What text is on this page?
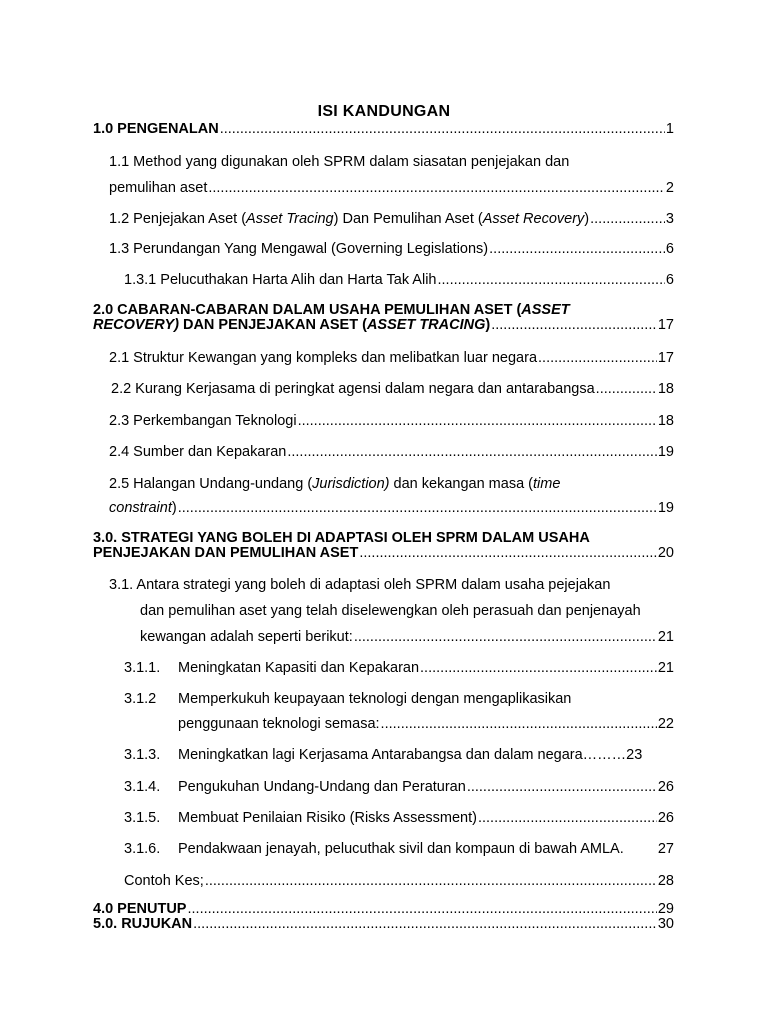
ISI KANDUNGAN
1.0 PENGENALAN .....	1
1.1 Method yang digunakan oleh SPRM dalam siasatan penjejakan dan
pemulihan aset .....	2
1.2 Penjejakan Aset (Asset Tracing) Dan Pemulihan Aset (Asset Recovery) .....	3
1.3 Perundangan Yang Mengawal (Governing Legislations) .....	6
1.3.1 Pelucuthakan Harta Alih dan Harta Tak Alih .....	6
2.0 CABARAN-CABARAN DALAM USAHA PEMULIHAN ASET (ASSET
RECOVERY) DAN PENJEJAKAN ASET (ASSET TRACING) .....	17
2.1 Struktur Kewangan yang kompleks dan melibatkan luar negara .....	17
2.2 Kurang Kerjasama di peringkat agensi dalam negara dan antarabangsa .....	18
2.3 Perkembangan Teknologi .....	18
2.4 Sumber dan Kepakaran .....	19
2.5 Halangan Undang-undang (Jurisdiction) dan kekangan masa (time
constraint) .....	19
3.0. STRATEGI YANG BOLEH DI ADAPTASI OLEH SPRM DALAM USAHA
PENJEJAKAN DAN PEMULIHAN ASET .....	20
3.1. Antara strategi yang boleh di adaptasi oleh SPRM dalam usaha pejejakan
dan pemulihan aset yang telah diselewengkan oleh perasuah dan penjenayah
kewangan adalah seperti berikut: .....	21
3.1.1. Meningkatan Kapasiti dan Kepakaran .....	21
3.1.2 Memperkukuh keupayaan teknologi dengan mengaplikasikan
penggunaan teknologi semasa: .....	22
3.1.3. Meningkatkan lagi Kerjasama Antarabangsa dan dalam negara………23
3.1.4. Pengukuhan Undang-Undang dan Peraturan .....	26
3.1.5. Membuat Penilaian Risiko (Risks Assessment) .....	26
3.1.6. Pendakwaan jenayah, pelucuthak sivil dan kompaun di bawah AMLA. 27
Contoh Kes; .....	28
4.0 PENUTUP .....	29
5.0. RUJUKAN .....	30
